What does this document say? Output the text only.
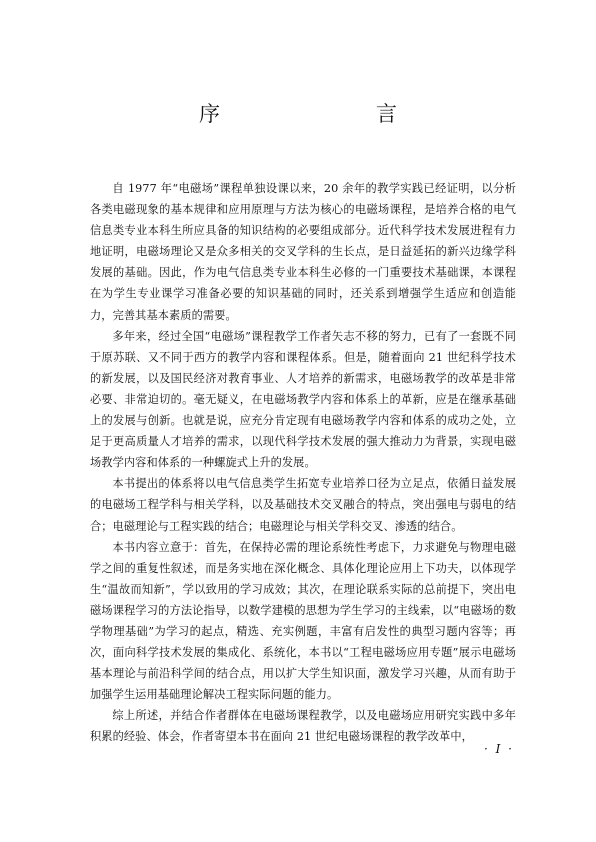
序　　言

自 1977 年“电磁场”课程单独设课以来，20 余年的教学实践已经证明，以分析各类电磁现象的基本规律和应用原理与方法为核心的电磁场课程，是培养合格的电气信息类专业本科生所应具备的知识结构的必要组成部分。近代科学技术发展进程有力地证明，电磁场理论又是众多相关的交叉学科的生长点，是日益延拓的新兴边缘学科发展的基础。因此，作为电气信息类专业本科生必修的一门重要技术基础课，本课程在为学生专业课学习准备必要的知识基础的同时，还关系到增强学生适应和创造能力，完善其基本素质的需要。

多年来，经过全国“电磁场”课程教学工作者矢志不移的努力，已有了一套既不同于原苏联、又不同于西方的教学内容和课程体系。但是，随着面向 21 世纪科学技术的新发展，以及国民经济对教育事业、人才培养的新需求，电磁场教学的改革是非常必要、非常迫切的。毫无疑义，在电磁场教学内容和体系上的革新，应是在继承基础上的发展与创新。也就是说，应充分肯定现有电磁场教学内容和体系的成功之处，立足于更高质量人才培养的需求，以现代科学技术发展的强大推动力为背景，实现电磁场教学内容和体系的一种螺旋式上升的发展。

本书提出的体系将以电气信息类学生拓宽专业培养口径为立足点，依循日益发展的电磁场工程学科与相关学科，以及基础技术交叉融合的特点，突出强电与弱电的结合；电磁理论与工程实践的结合；电磁理论与相关学科交叉、渗透的结合。

本书内容立意于：首先，在保持必需的理论系统性考虑下，力求避免与物理电磁学之间的重复性叙述，而是务实地在深化概念、具体化理论应用上下功夫，以体现学生“温故而知新”，学以致用的学习成效；其次，在理论联系实际的总前提下，突出电磁场课程学习的方法论指导，以数学建模的思想为学生学习的主线索，以“电磁场的数学物理基础”为学习的起点，精选、充实例题，丰富有启发性的典型习题内容等；再次，面向科学技术发展的集成化、系统化，本书以“工程电磁场应用专题”展示电磁场基本理论与前沿科学间的结合点，用以扩大学生知识面，激发学习兴趣，从而有助于加强学生运用基础理论解决工程实际问题的能力。

综上所述，并结合作者群体在电磁场课程教学，以及电磁场应用研究实践中多年积累的经验、体会，作者寄望本书在面向 21 世纪电磁场课程的教学改革中，

· I ·
